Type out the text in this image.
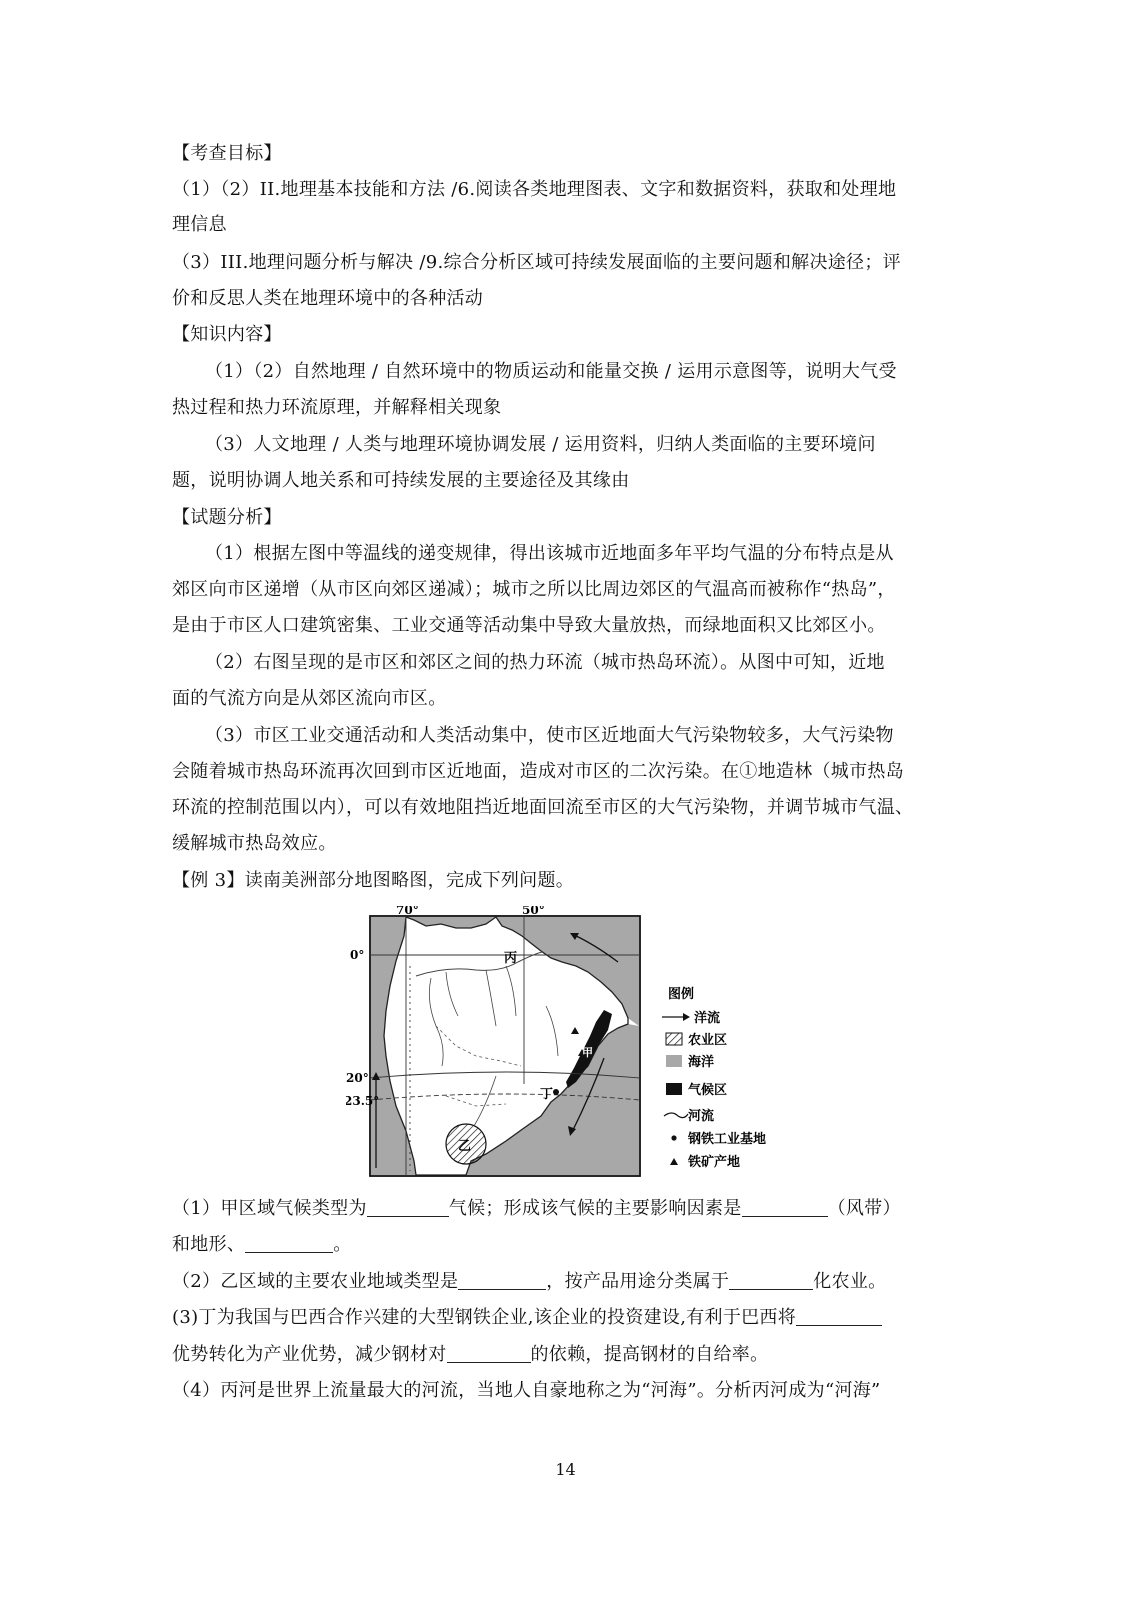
【考查目标】
（1）（2）II.地理基本技能和方法 /6.阅读各类地理图表、文字和数据资料，获取和处理地
理信息
（3）III.地理问题分析与解决 /9.综合分析区域可持续发展面临的主要问题和解决途径；评
价和反思人类在地理环境中的各种活动
【知识内容】
（1）（2）自然地理 / 自然环境中的物质运动和能量交换 / 运用示意图等，说明大气受
热过程和热力环流原理，并解释相关现象
（3）人文地理 / 人类与地理环境协调发展 / 运用资料，归纳人类面临的主要环境问
题，说明协调人地关系和可持续发展的主要途径及其缘由
【试题分析】
（1）根据左图中等温线的递变规律，得出该城市近地面多年平均气温的分布特点是从
郊区向市区递增（从市区向郊区递减）；城市之所以比周边郊区的气温高而被称作“热岛”，
是由于市区人口建筑密集、工业交通等活动集中导致大量放热，而绿地面积又比郊区小。
（2）右图呈现的是市区和郊区之间的热力环流（城市热岛环流）。从图中可知，近地
面的气流方向是从郊区流向市区。
（3）市区工业交通活动和人类活动集中，使市区近地面大气污染物较多，大气污染物
会随着城市热岛环流再次回到市区近地面，造成对市区的二次污染。在①地造林（城市热岛
环流的控制范围以内），可以有效地阻挡近地面回流至市区的大气污染物，并调节城市气温、
缓解城市热岛效应。
【例 3】读南美洲部分地图略图，完成下列问题。
70°	50°
0°
20°
23.5°
丙
甲
乙
丁
图例
洋流
农业区
海洋
气候区
河流
钢铁工业基地
铁矿产地
（1）甲区域气候类型为	气候；形成该气候的主要影响因素是	（风带）
和地形、	。
（2）乙区域的主要农业地域类型是	，按产品用途分类属于	化农业。
(3)丁为我国与巴西合作兴建的大型钢铁企业,该企业的投资建设,有利于巴西将
优势转化为产业优势，减少钢材对	的依赖，提高钢材的自给率。
（4）丙河是世界上流量最大的河流，当地人自豪地称之为“河海”。分析丙河成为“河海”
14
